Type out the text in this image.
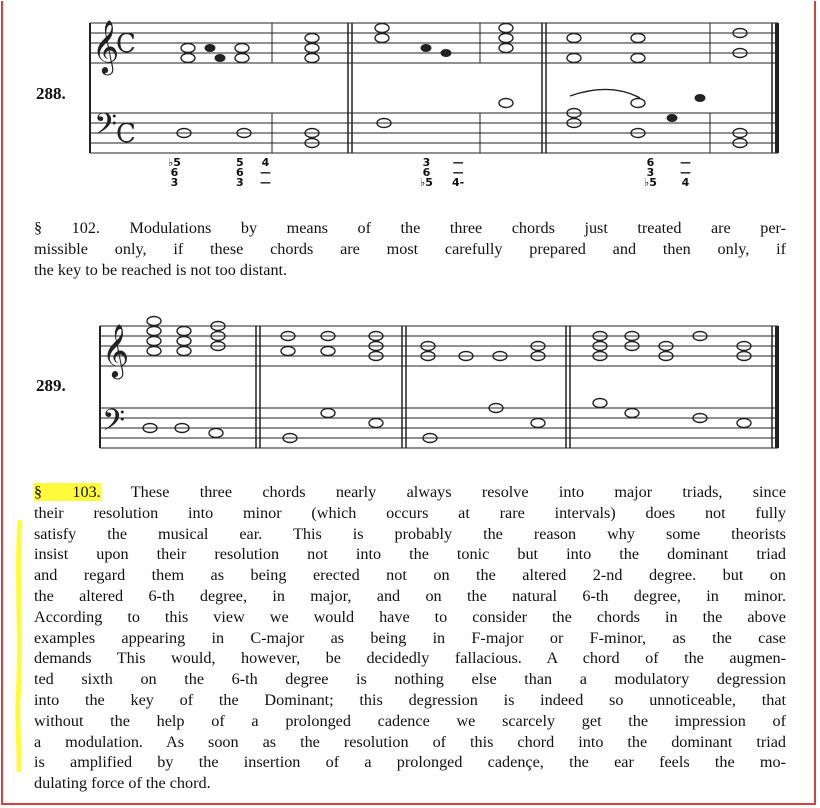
288.
𝄞
C
𝄢
C
♭5
6
3
5
6
3
4
—
—
3
6
♭5
—
—
4-
6
3
♭5
—
—
4
§ 102. Modulations by means of the three chords just treated are per-
missible only, if these chords are most carefully prepared and then only, if
the key to be reached is not too distant.
289.
𝄞
𝄢
§ 103. These three chords nearly always resolve into major triads, since
their resolution into minor (which occurs at rare intervals) does not fully
satisfy the musical ear. This is probably the reason why some theorists
insist upon their resolution not into the tonic but into the dominant triad
and regard them as being erected not on the altered 2-nd degree. but on
the altered 6-th degree, in major, and on the natural 6-th degree, in minor.
According to this view we would have to consider the chords in the above
examples appearing in C-major as being in F-major or F-minor, as the case
demands This would, however, be decidedly fallacious. A chord of the augmen-
ted sixth on the 6-th degree is nothing else than a modulatory degression
into the key of the Dominant; this degression is indeed so unnoticeable, that
without the help of a prolonged cadence we scarcely get the impression of
a modulation. As soon as the resolution of this chord into the dominant triad
is amplified by the insertion of a prolonged cadençe, the ear feels the mo-
dulating force of the chord.
